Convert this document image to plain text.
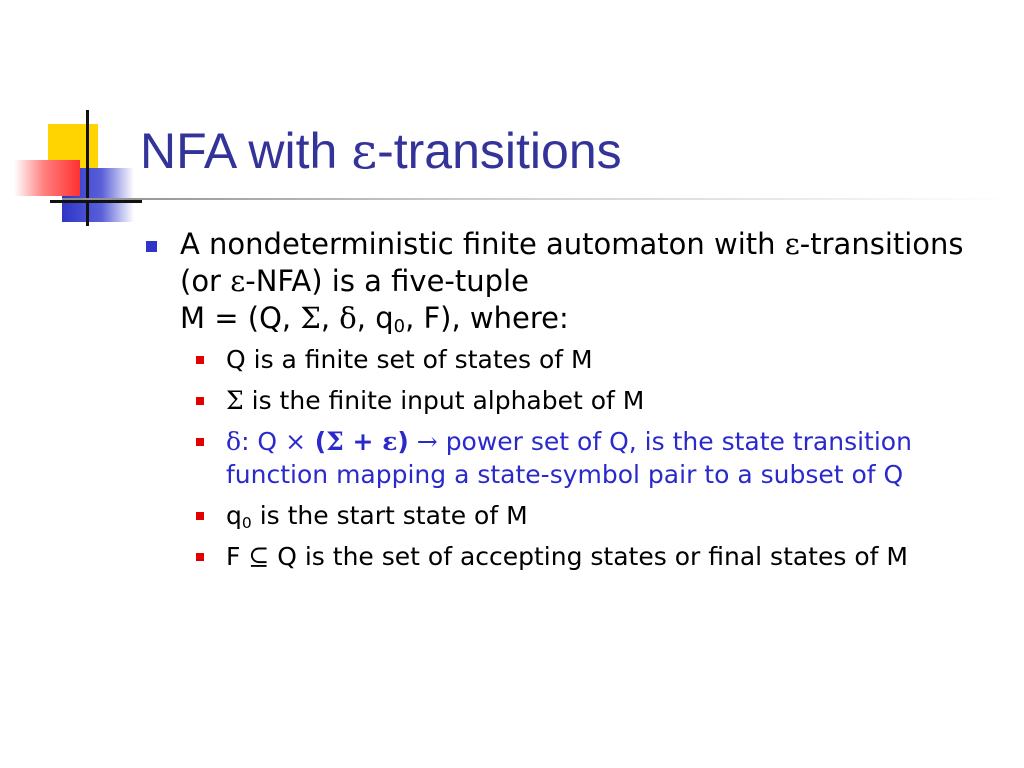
NFA with ε-transitions
A nondeterministic finite automaton with ε-transitions (or ε-NFA) is a five-tuple
M = (Q, Σ, δ, $q_0$, F), where:
Q is a finite set of states of M
Σ is the finite input alphabet of M
δ: Q × (Σ + ε) → power set of Q, is the state transition function mapping a state-symbol pair to a subset of Q
$q_0$ is the start state of M
F ⊆ Q is the set of accepting states or final states of M
